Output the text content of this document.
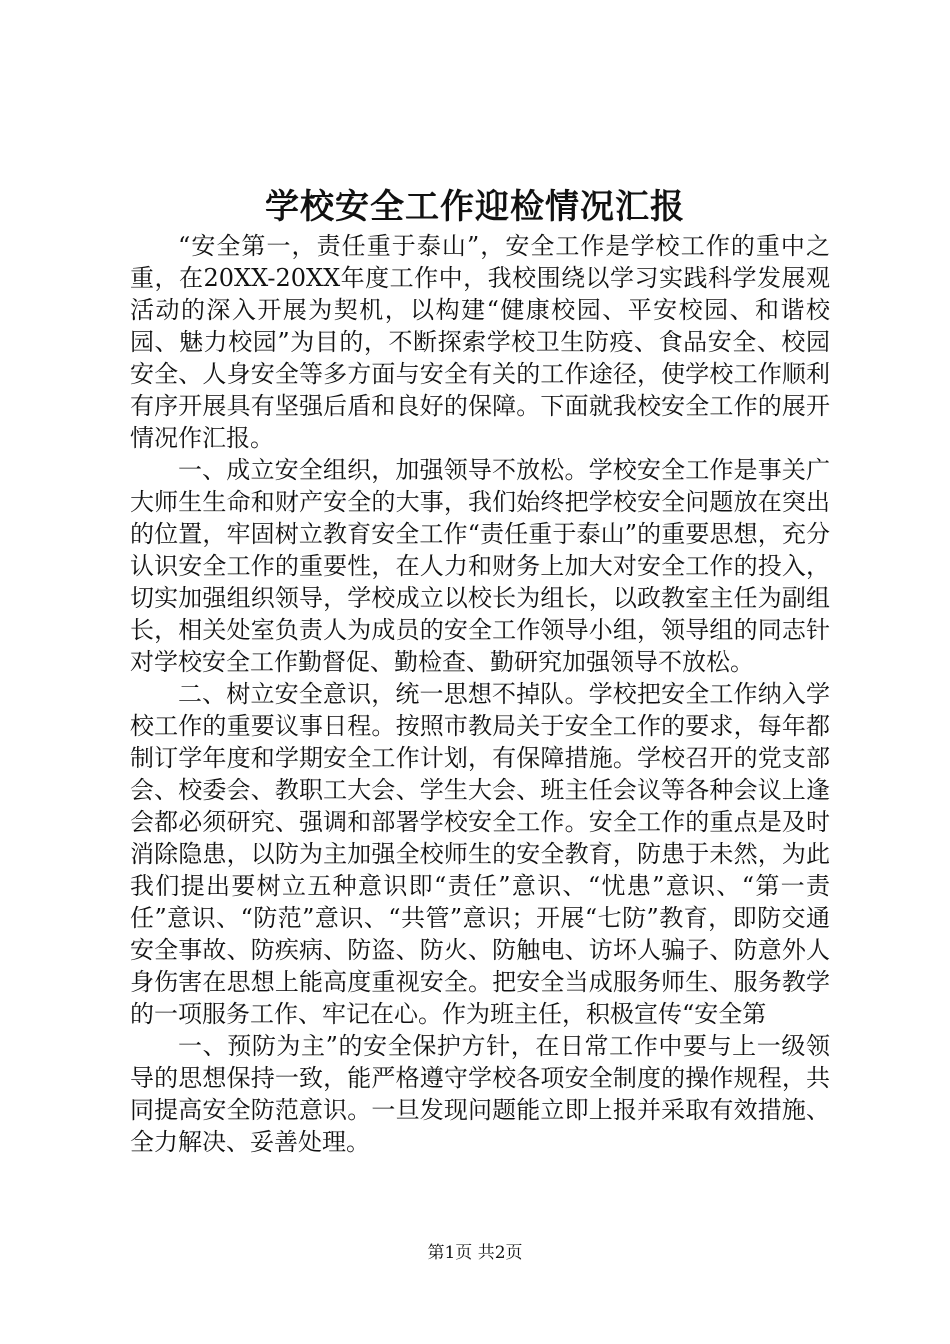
学校安全工作迎检情况汇报

“安全第一，责任重于泰山”，安全工作是学校工作的重中之重，在20XX-20XX年度工作中，我校围绕以学习实践科学发展观活动的深入开展为契机，以构建“健康校园、平安校园、和谐校园、魅力校园”为目的，不断探索学校卫生防疫、食品安全、校园安全、人身安全等多方面与安全有关的工作途径，使学校工作顺利有序开展具有坚强后盾和良好的保障。下面就我校安全工作的展开情况作汇报。

一、成立安全组织，加强领导不放松。学校安全工作是事关广大师生生命和财产安全的大事，我们始终把学校安全问题放在突出的位置，牢固树立教育安全工作“责任重于泰山”的重要思想，充分认识安全工作的重要性，在人力和财务上加大对安全工作的投入，切实加强组织领导，学校成立以校长为组长，以政教室主任为副组长，相关处室负责人为成员的安全工作领导小组，领导组的同志针对学校安全工作勤督促、勤检查、勤研究加强领导不放松。

二、树立安全意识，统一思想不掉队。学校把安全工作纳入学校工作的重要议事日程。按照市教局关于安全工作的要求，每年都制订学年度和学期安全工作计划，有保障措施。学校召开的党支部会、校委会、教职工大会、学生大会、班主任会议等各种会议上逢会都必须研究、强调和部署学校安全工作。安全工作的重点是及时消除隐患，以防为主加强全校师生的安全教育，防患于未然，为此我们提出要树立五种意识即“责任”意识、“忧患”意识、“第一责任”意识、“防范”意识、“共管”意识；开展“七防”教育，即防交通安全事故、防疾病、防盗、防火、防触电、访坏人骗子、防意外人身伤害在思想上能高度重视安全。把安全当成服务师生、服务教学的一项服务工作、牢记在心。作为班主任，积极宣传“安全第

一、预防为主”的安全保护方针，在日常工作中要与上一级领导的思想保持一致，能严格遵守学校各项安全制度的操作规程，共同提高安全防范意识。一旦发现问题能立即上报并采取有效措施、全力解决、妥善处理。

第1页 共2页
